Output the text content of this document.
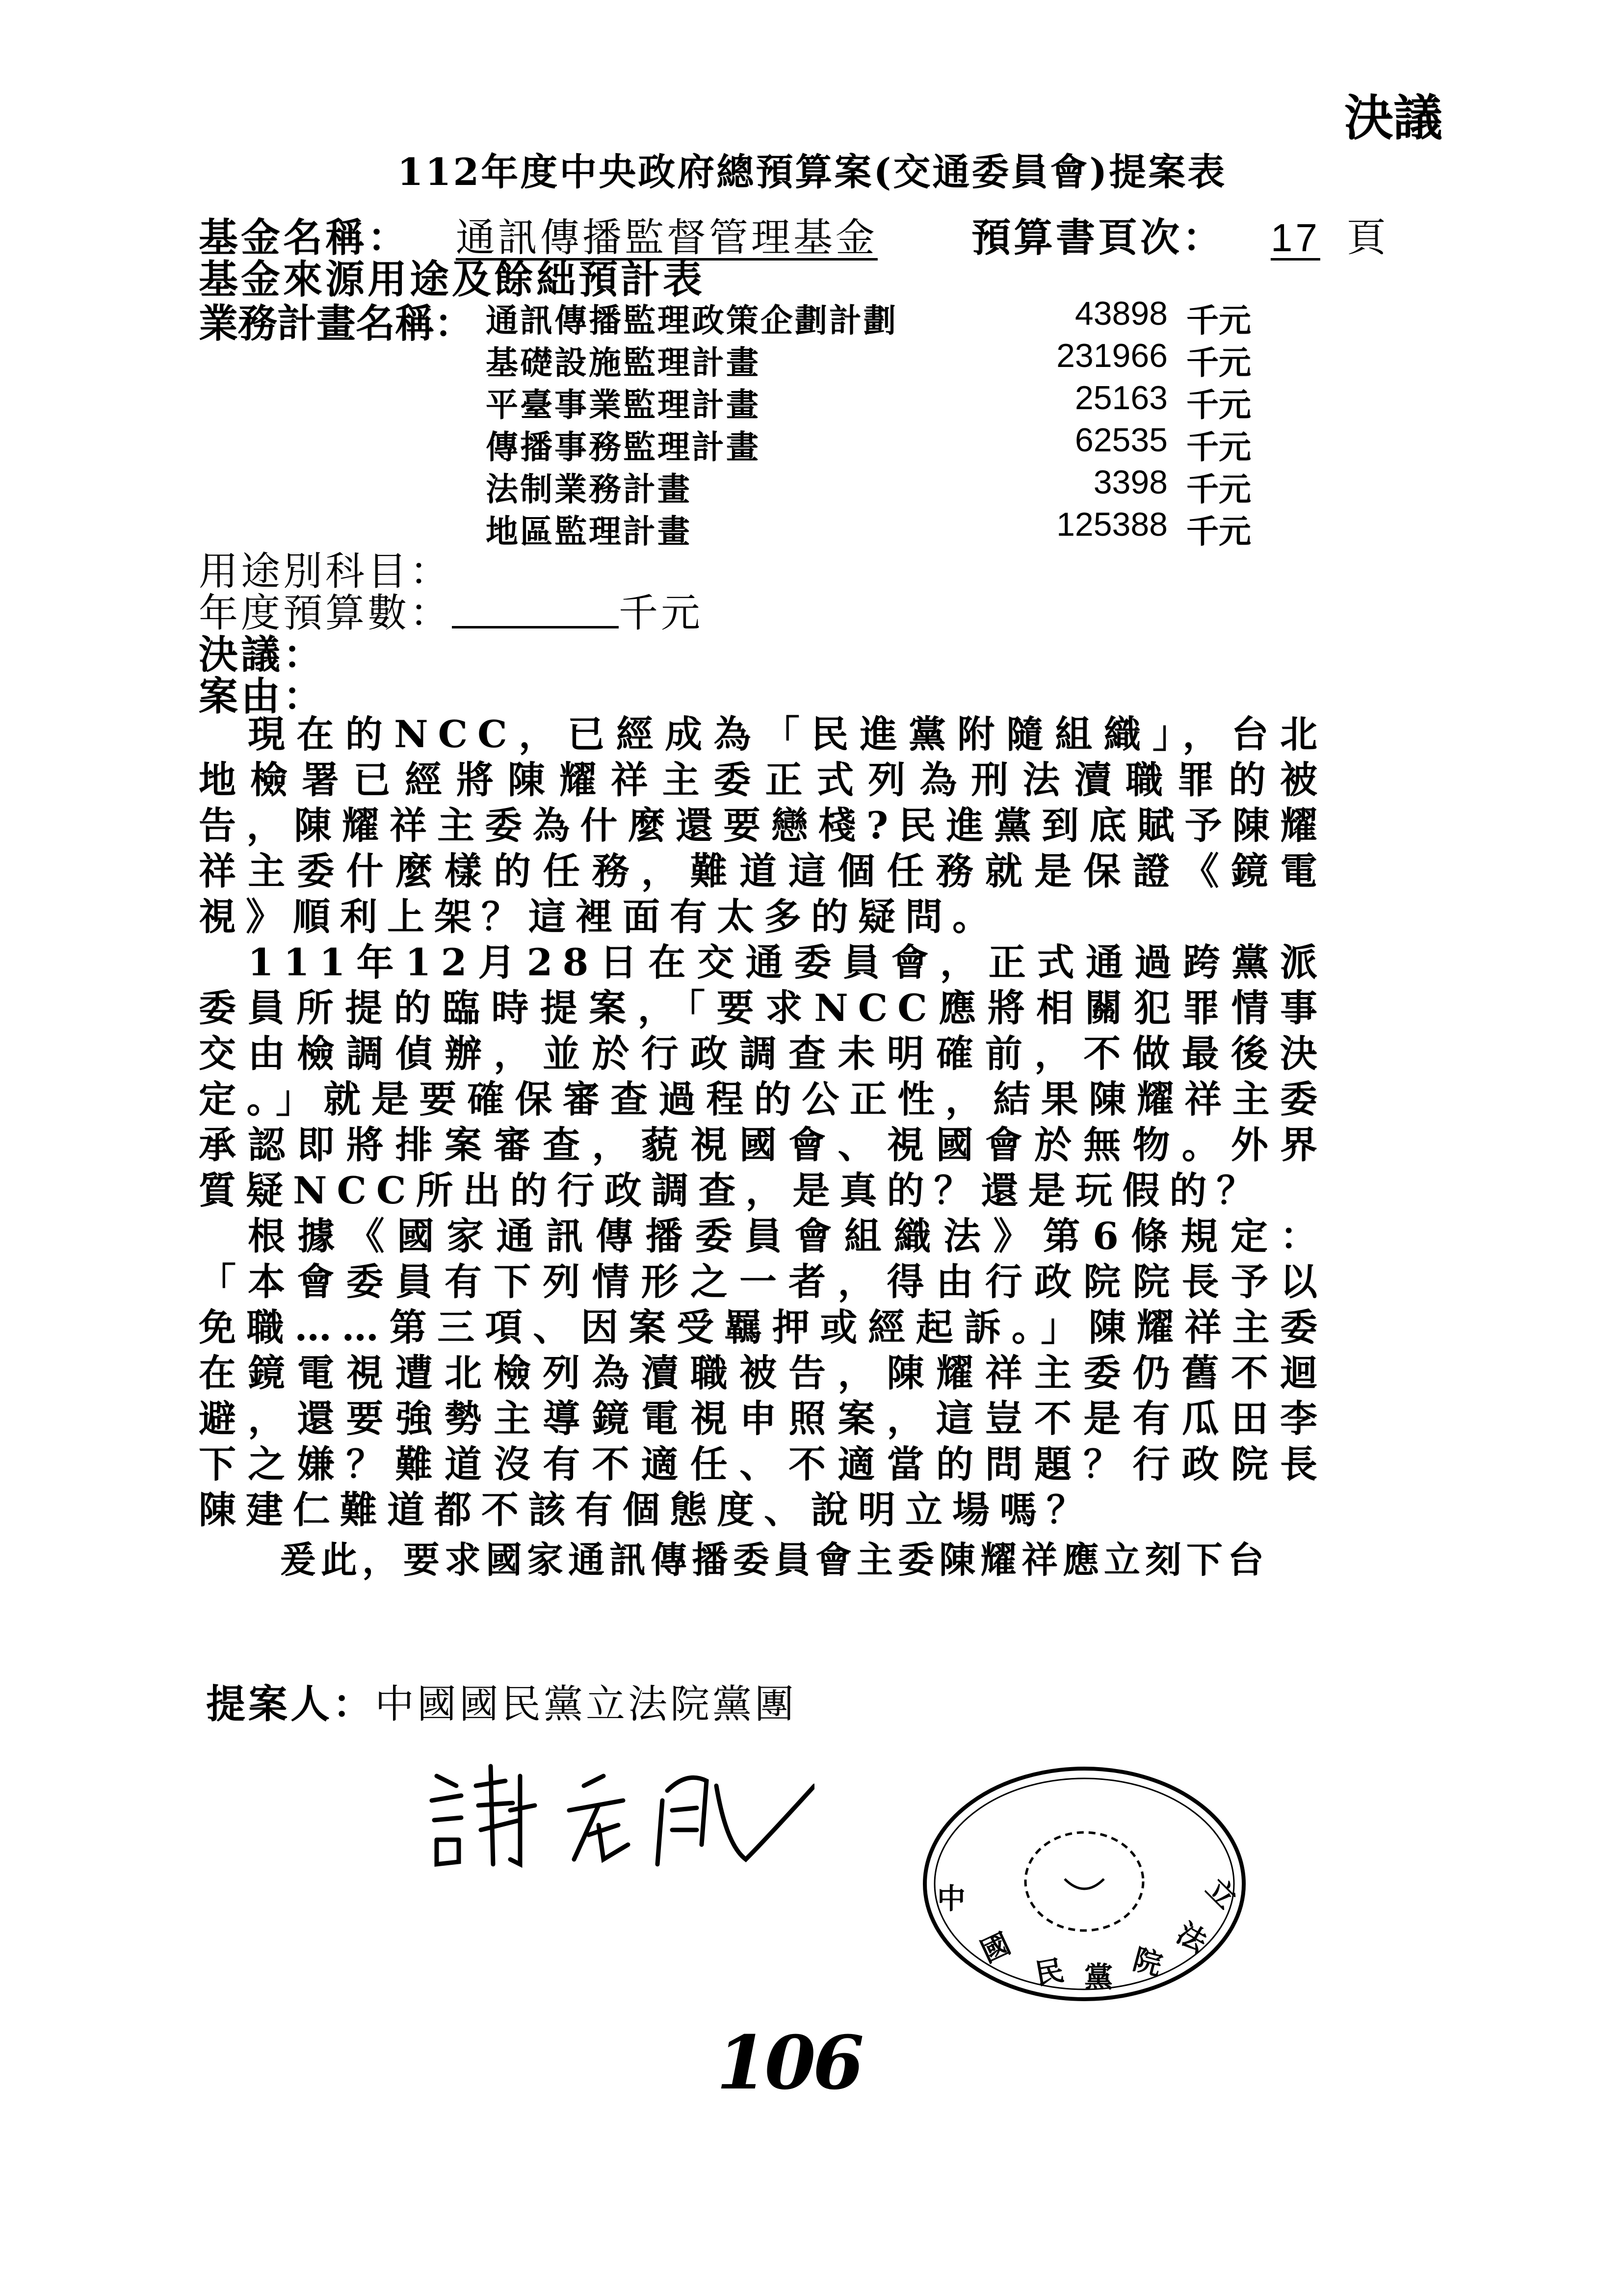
決議
112年度中央政府總預算案(交通委員會)提案表
基金名稱： 通訊傳播監督管理基金	預算書頁次： 17 頁
基金來源用途及餘絀預計表
業務計畫名稱： 通訊傳播監理政策企劃計劃	43898 千元
基礎設施監理計畫	231966 千元
平臺事業監理計畫	25163 千元
傳播事務監理計畫	62535 千元
法制業務計畫	3398 千元
地區監理計畫	125388 千元
用途別科目：
年度預算數：	千元
決議：
案由：

現在的NCC，已經成為「民進黨附隨組織」，台北地檢署已經將陳耀祥主委正式列為刑法瀆職罪的被告，陳耀祥主委為什麼還要戀棧?民進黨到底賦予陳耀祥主委什麼樣的任務，難道這個任務就是保證《鏡電視》順利上架？這裡面有太多的疑問。

111年12月28日在交通委員會，正式通過跨黨派委員所提的臨時提案，「要求NCC應將相關犯罪情事交由檢調偵辦，並於行政調查未明確前，不做最後決定。」就是要確保審查過程的公正性，結果陳耀祥主委承認即將排案審查，藐視國會、視國會於無物。外界質疑NCC所出的行政調查，是真的？還是玩假的？

根據《國家通訊傳播委員會組織法》第6條規定：「本會委員有下列情形之一者，得由行政院院長予以免職……第三項、因案受羈押或經起訴。」陳耀祥主委在鏡電視遭北檢列為瀆職被告，陳耀祥主委仍舊不迴避，還要強勢主導鏡電視申照案，這豈不是有瓜田李下之嫌？難道沒有不適任、不適當的問題？行政院長陳建仁難道都不該有個態度、說明立場嗎？

爰此，要求國家通訊傳播委員會主委陳耀祥應立刻下台
提案人：中國國民黨立法院黨團
中
國
民 黨 院
法
立
106
